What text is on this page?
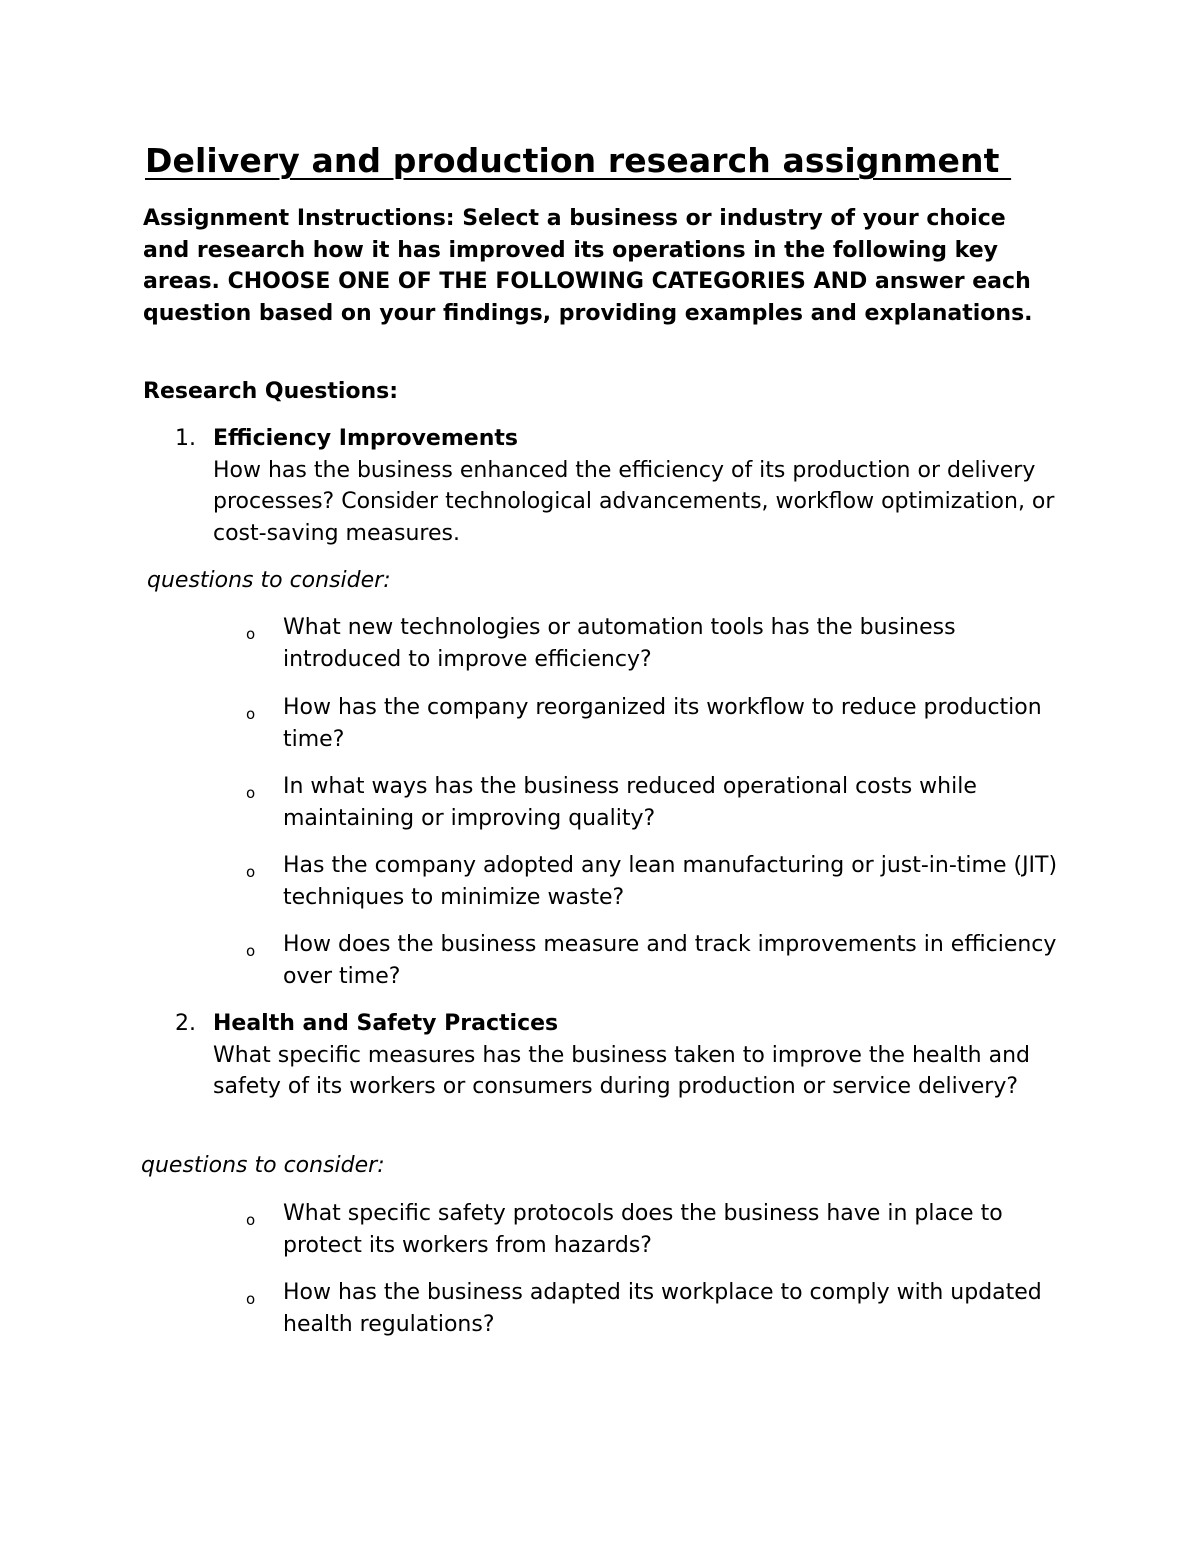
Delivery and production research assignment

Assignment Instructions: Select a business or industry of your choice and research how it has improved its operations in the following key areas. CHOOSE ONE OF THE FOLLOWING CATEGORIES AND answer each question based on your findings, providing examples and explanations.

Research Questions:

1. Efficiency Improvements
How has the business enhanced the efficiency of its production or delivery processes? Consider technological advancements, workflow optimization, or cost-saving measures.

questions to consider:

o What new technologies or automation tools has the business introduced to improve efficiency?
o How has the company reorganized its workflow to reduce production time?
o In what ways has the business reduced operational costs while maintaining or improving quality?
o Has the company adopted any lean manufacturing or just-in-time (JIT) techniques to minimize waste?
o How does the business measure and track improvements in efficiency over time?
2. Health and Safety Practices
What specific measures has the business taken to improve the health and safety of its workers or consumers during production or service delivery?

questions to consider:

o What specific safety protocols does the business have in place to protect its workers from hazards?
o How has the business adapted its workplace to comply with updated health regulations?
